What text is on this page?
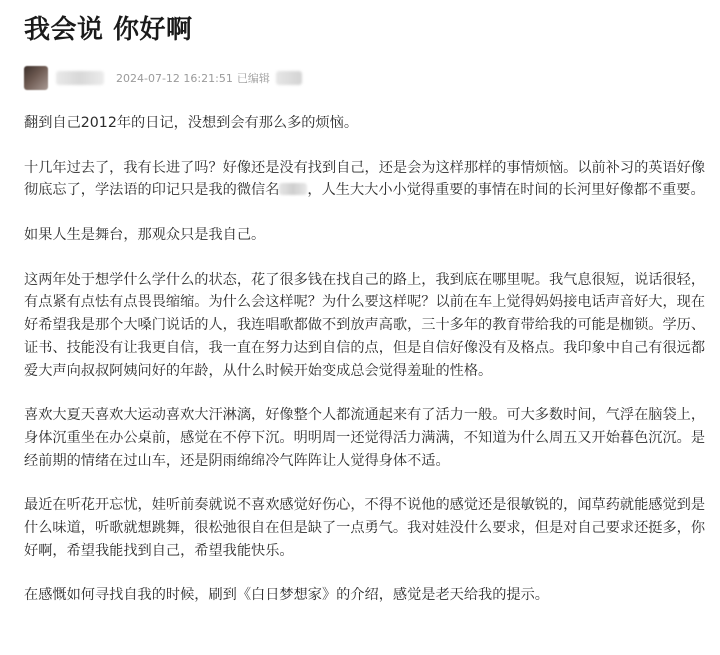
我会说 你好啊
2024-07-12 16:21:51 已编辑

翻到自己2012年的日记，没想到会有那么多的烦恼。

十几年过去了，我有长进了吗？好像还是没有找到自己，还是会为这样那样的事情烦恼。以前补习的英语好像
彻底忘了，学法语的印记只是我的微信名 ，人生大大小小觉得重要的事情在时间的长河里好像都不重要。

如果人生是舞台，那观众只是我自己。

这两年处于想学什么学什么的状态，花了很多钱在找自己的路上，我到底在哪里呢。我气息很短，说话很轻，
有点紧有点怯有点畏畏缩缩。为什么会这样呢？为什么要这样呢？以前在车上觉得妈妈接电话声音好大，现在
好希望我是那个大嗓门说话的人，我连唱歌都做不到放声高歌，三十多年的教育带给我的可能是枷锁。学历、
证书、技能没有让我更自信，我一直在努力达到自信的点，但是自信好像没有及格点。我印象中自己有很远都
爱大声向叔叔阿姨问好的年龄，从什么时候开始变成总会觉得羞耻的性格。

喜欢大夏天喜欢大运动喜欢大汗淋漓，好像整个人都流通起来有了活力一般。可大多数时间，气浮在脑袋上，
身体沉重坐在办公桌前，感觉在不停下沉。明明周一还觉得活力满满，不知道为什么周五又开始暮色沉沉。是
经前期的情绪在过山车，还是阴雨绵绵冷气阵阵让人觉得身体不适。

最近在听花开忘忧，娃听前奏就说不喜欢感觉好伤心，不得不说他的感觉还是很敏锐的，闻草药就能感觉到是
什么味道，听歌就想跳舞，很松弛很自在但是缺了一点勇气。我对娃没什么要求，但是对自己要求还挺多，你
好啊，希望我能找到自己，希望我能快乐。

在感慨如何寻找自我的时候，刷到《白日梦想家》的介绍，感觉是老天给我的提示。
